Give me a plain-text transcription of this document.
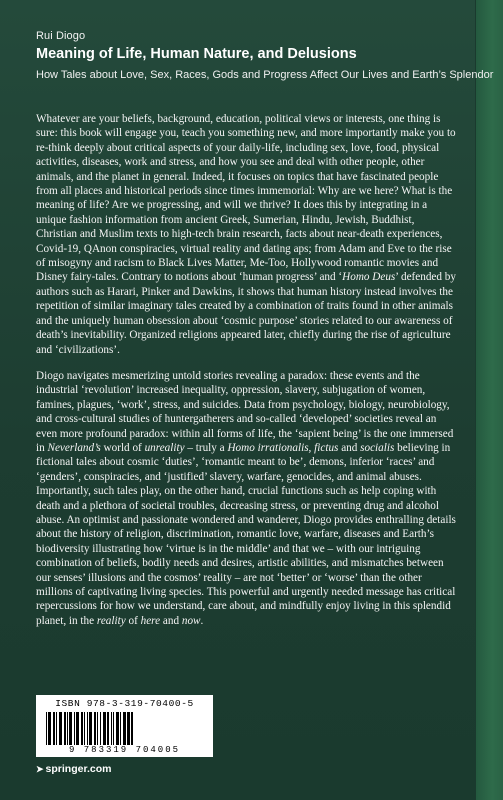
Rui Diogo
Meaning of Life, Human Nature, and Delusions
How Tales about Love, Sex, Races, Gods and Progress Affect Our Lives and Earth’s Splendor

Whatever are your beliefs, background, education, political views or interests, one thing is sure: this book will engage you, teach you something new, and more importantly make you to re-think deeply about critical aspects of your daily-life, including sex, love, food, physical activities, diseases, work and stress, and how you see and deal with other people, other animals, and the planet in general. Indeed, it focuses on topics that have fascinated people from all places and historical periods since times immemorial: Why are we here? What is the meaning of life? Are we progressing, and will we thrive? It does this by integrating in a unique fashion information from ancient Greek, Sumerian, Hindu, Jewish, Buddhist, Christian and Muslim texts to high-tech brain research, facts about near-death experiences, Covid-19, QAnon conspiracies, virtual reality and dating aps; from Adam and Eve to the rise of misogyny and racism to Black Lives Matter, Me-Too, Hollywood romantic movies and Disney fairy-tales. Contrary to notions about ‘human progress’ and ‘Homo Deus’ defended by authors such as Harari, Pinker and Dawkins, it shows that human history instead involves the repetition of similar imaginary tales created by a combination of traits found in other animals and the uniquely human obsession about ‘cosmic purpose’ stories related to our awareness of death’s inevitability. Organized religions appeared later, chiefly during the rise of agriculture and ‘civilizations’.

Diogo navigates mesmerizing untold stories revealing a paradox: these events and the industrial ‘revolution’ increased inequality, oppression, slavery, subjugation of women, famines, plagues, ‘work’, stress, and suicides. Data from psychology, biology, neurobiology, and cross-cultural studies of huntergatherers and so-called ‘developed’ societies reveal an even more profound paradox: within all forms of life, the ‘sapient being’ is the one immersed in Neverland’s world of unreality – truly a Homo irrationalis, fictus and socialis believing in fictional tales about cosmic ‘duties’, ‘romantic meant to be’, demons, inferior ‘races’ and ‘genders’, conspiracies, and ‘justified’ slavery, warfare, genocides, and animal abuses. Importantly, such tales play, on the other hand, crucial functions such as help coping with death and a plethora of societal troubles, decreasing stress, or preventing drug and alcohol abuse. An optimist and passionate wondered and wanderer, Diogo provides enthralling details about the history of religion, discrimination, romantic love, warfare, diseases and Earth’s biodiversity illustrating how ‘virtue is in the middle’ and that we – with our intriguing combination of beliefs, bodily needs and desires, artistic abilities, and mismatches between our senses’ illusions and the cosmos’ reality – are not ‘better’ or ‘worse’ than the other millions of captivating living species. This powerful and urgently needed message has critical repercussions for how we understand, care about, and mindfully enjoy living in this splendid planet, in the reality of here and now.

ISBN 978-3-319-70400-5
9 783319 704005
➤ springer.com
